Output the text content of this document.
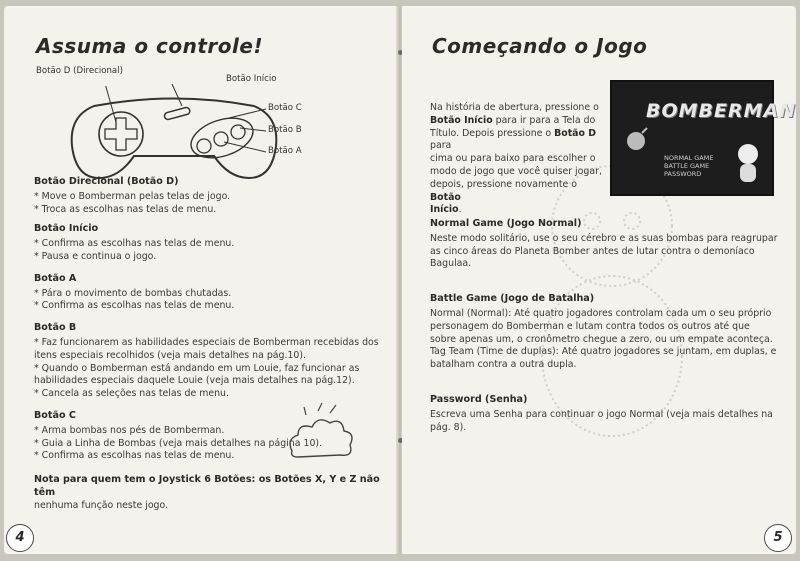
Assuma o controle!
Botão D (Direcional)
Botão Início
Botão C
Botão B
Botão A
Botão Direcional (Botão D)
* Move o Bomberman pelas telas de jogo.
* Troca as escolhas nas telas de menu.
Botão Início
* Confirma as escolhas nas telas de menu.
* Pausa e continua o jogo.
Botão A
* Pára o movimento de bombas chutadas.
* Confirma as escolhas nas telas de menu.
Botão B
* Faz funcionarem as habilidades especiais de Bomberman recebidas dos
itens especiais recolhidos (veja mais detalhes na pág.10).
* Quando o Bomberman está andando em um Louie, faz funcionar as
habilidades especiais daquele Louie (veja mais detalhes na pág.12).
* Cancela as seleções nas telas de menu.
Botão C
* Arma bombas nos pés de Bomberman.
* Guia a Linha de Bombas (veja mais detalhes na página 10).
* Confirma as escolhas nas telas de menu.
Nota para quem tem o Joystick 6 Botões: os Botões X, Y e Z não têm
nenhuma função neste jogo.
4
Começando o Jogo
Na história de abertura, pressione o
Botão Início para ir para a Tela do
Título. Depois pressione o Botão D para
cima ou para baixo para escolher o
modo de jogo que você quiser jogar,
depois, pressione novamente o Botão
Início.
BOMBERMAN
NORMAL GAME
BATTLE GAME
PASSWORD
Normal Game (Jogo Normal)
Neste modo solitário, use o seu cérebro e as suas bombas para reagrupar
as cinco áreas do Planeta Bomber antes de lutar contra o demoníaco
Bagulaa.
Battle Game (Jogo de Batalha)
Normal (Normal): Até quatro jogadores controlam cada um o seu próprio
personagem do Bomberman e lutam contra todos os outros até que
sobre apenas um, o cronômetro chegue a zero, ou um empate aconteça.
Tag Team (Time de duplas): Até quatro jogadores se juntam, em duplas, e
batalham contra a outra dupla.
Password (Senha)
Escreva uma Senha para continuar o jogo Normal (veja mais detalhes na
pág. 8).
5
